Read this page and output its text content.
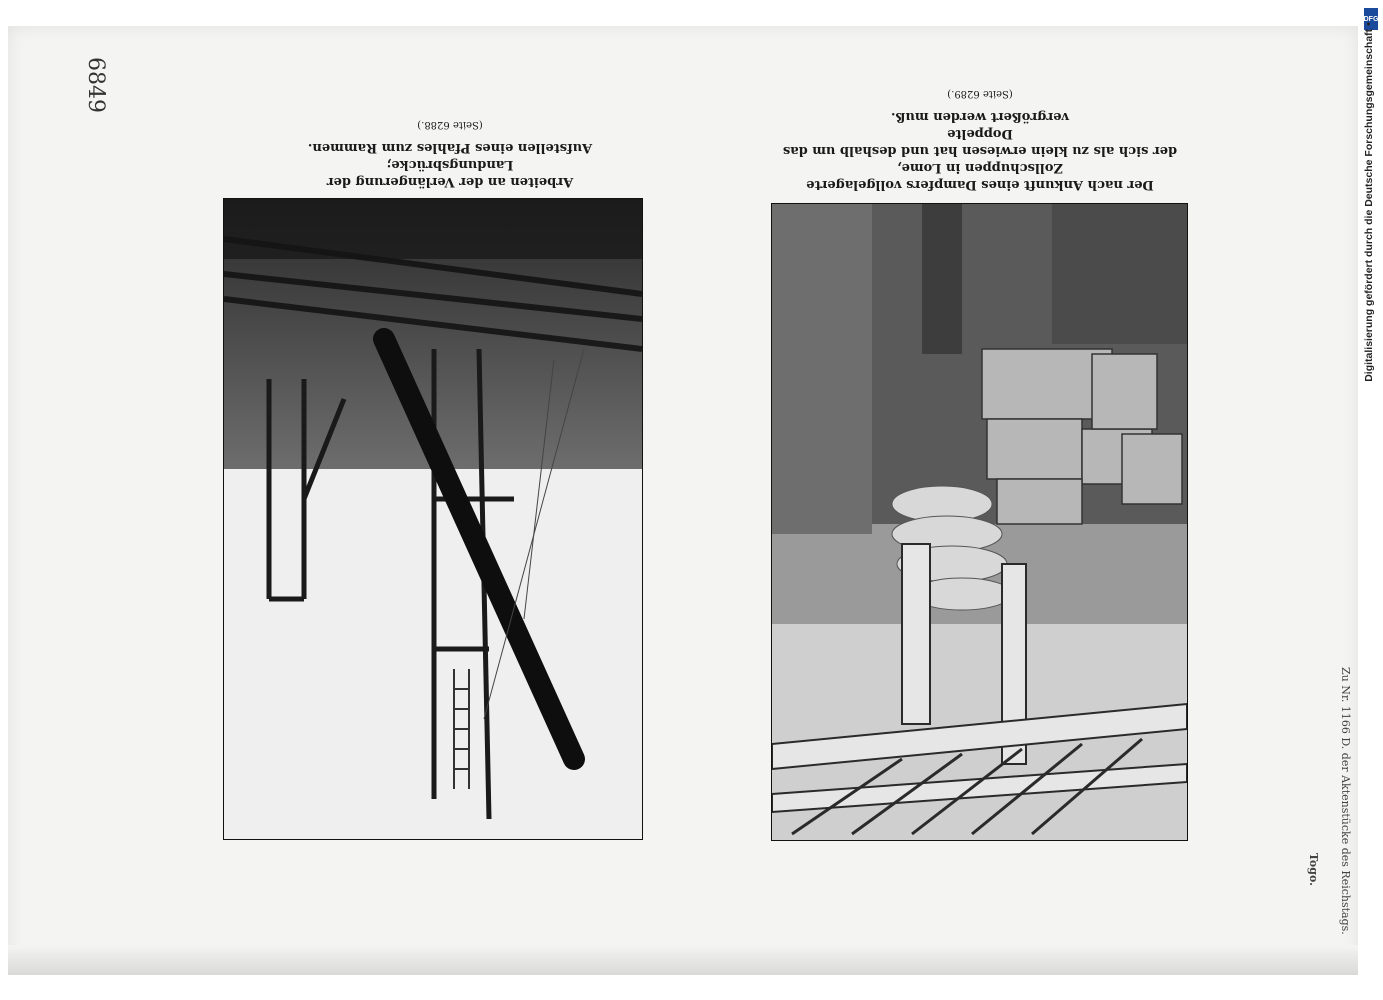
6849
Arbeiten an der Verlängerung der Landungsbrücke;
Aufstellen eines Pfahles zum Rammen.
(Seite 6288.)
Der nach Ankunft eines Dampfers vollgelagerte Zollschuppen in Lome,
der sich als zu klein erwiesen hat und deshalb um das Doppelte
vergrößert werden muß.
(Seite 6289.)
Zu Nr. 1166 D. der Aktenstücke des Reichstags.
Togo.
DFG
Digitalisierung gefördert durch die Deutsche Forschungsgemeinschaft •
